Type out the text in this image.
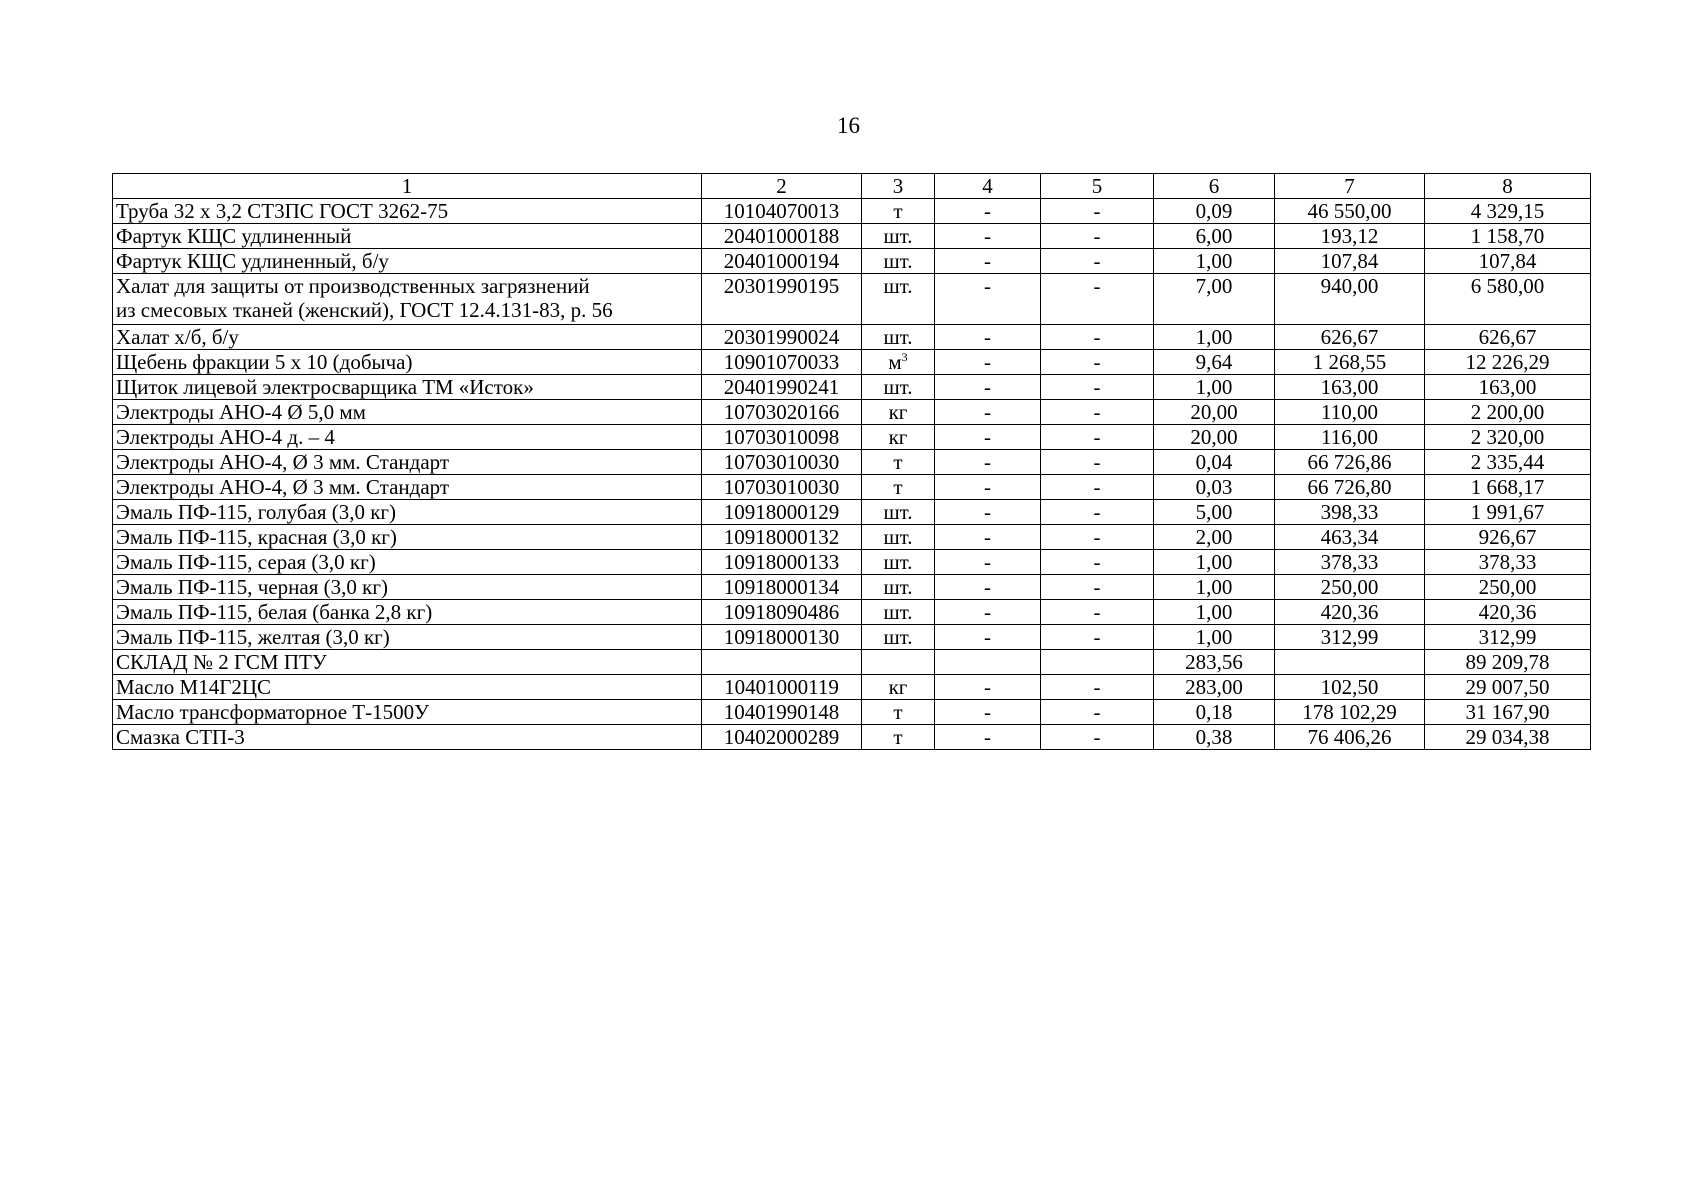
16
1	2	3	4	5	6	7	8

Труба 32 х 3,2 СТ3ПС ГОСТ 3262-75	10104070013	т	-	-	0,09	46 550,00	4 329,15

Фартук КЩС удлиненный	20401000188	шт.	-	-	6,00	193,12	1 158,70

Фартук КЩС удлиненный, б/у	20401000194	шт.	-	-	1,00	107,84	107,84

Халат для защиты от производственных загрязнений
из смесовых тканей (женский), ГОСТ 12.4.131-83, р. 56	20301990195	шт.	-	-	7,00	940,00	6 580,00

Халат х/б, б/у	20301990024	шт.	-	-	1,00	626,67	626,67

Щебень фракции 5 х 10 (добыча)	10901070033	$м^3$	-	-	9,64	1 268,55	12 226,29

Щиток лицевой электросварщика ТМ «Исток»	20401990241	шт.	-	-	1,00	163,00	163,00

Электроды АНО-4 Ø 5,0 мм	10703020166	кг	-	-	20,00	110,00	2 200,00

Электроды АНО-4 д. – 4	10703010098	кг	-	-	20,00	116,00	2 320,00

Электроды АНО-4, Ø 3 мм. Стандарт	10703010030	т	-	-	0,04	66 726,86	2 335,44

Электроды АНО-4, Ø 3 мм. Стандарт	10703010030	т	-	-	0,03	66 726,80	1 668,17

Эмаль ПФ-115, голубая (3,0 кг)	10918000129	шт.	-	-	5,00	398,33	1 991,67

Эмаль ПФ-115, красная (3,0 кг)	10918000132	шт.	-	-	2,00	463,34	926,67

Эмаль ПФ-115, серая (3,0 кг)	10918000133	шт.	-	-	1,00	378,33	378,33

Эмаль ПФ-115, черная (3,0 кг)	10918000134	шт.	-	-	1,00	250,00	250,00

Эмаль ПФ-115, белая (банка 2,8 кг)	10918090486	шт.	-	-	1,00	420,36	420,36

Эмаль ПФ-115, желтая (3,0 кг)	10918000130	шт.	-	-	1,00	312,99	312,99

СКЛАД № 2 ГСМ ПТУ					283,56		89 209,78

Масло М14Г2ЦС	10401000119	кг	-	-	283,00	102,50	29 007,50

Масло трансформаторное Т-1500У	10401990148	т	-	-	0,18	178 102,29	31 167,90

Смазка СТП-3	10402000289	т	-	-	0,38	76 406,26	29 034,38
